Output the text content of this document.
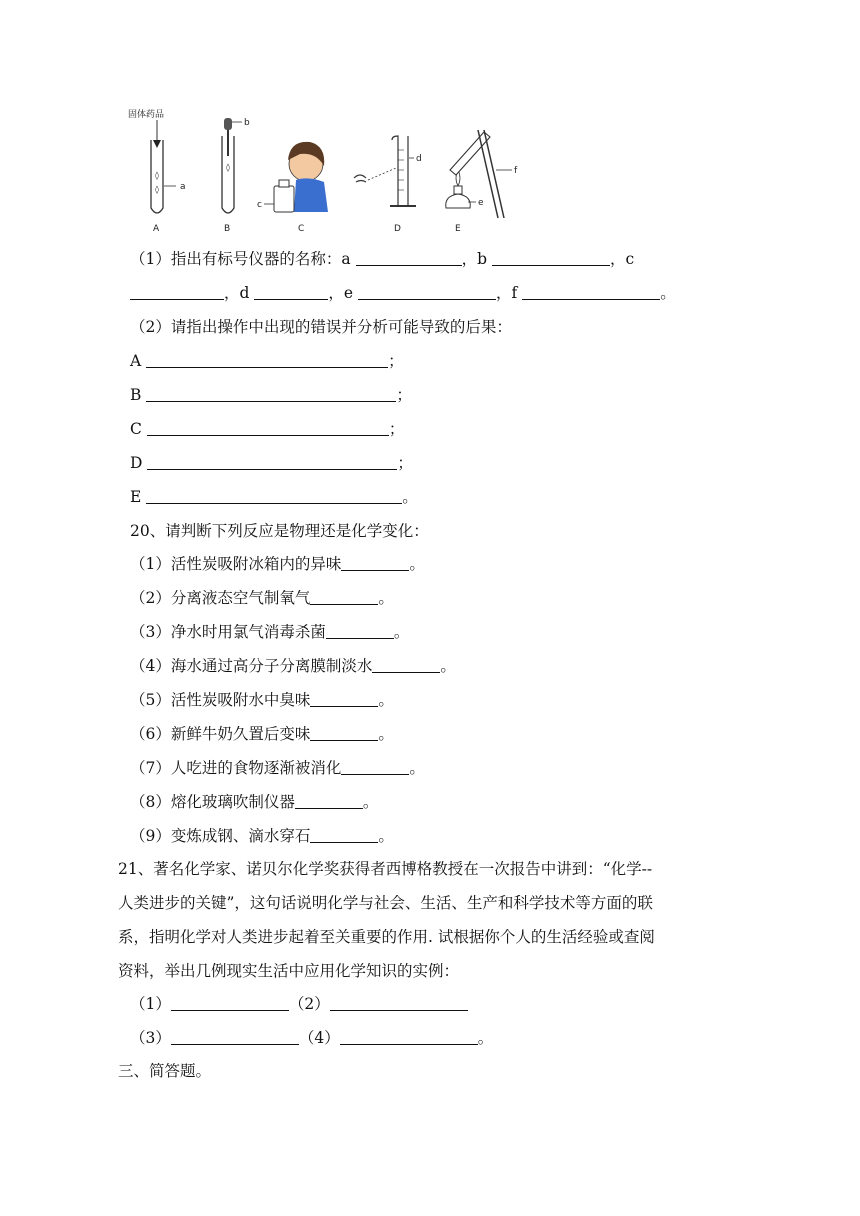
固体药品
◊
◊ a
A
b
◊
B
c
C
d
D
e
f
E
（1）指出有标号仪器的名称：a	，b	，c
，d	，e	，f	。
（2）请指出操作中出现的错误并分析可能导致的后果：
A	；
B	；
C	；
D	；
E	。
20、请判断下列反应是物理还是化学变化：
（1）活性炭吸附冰箱内的异味	。
（2）分离液态空气制氧气	。
（3）净水时用氯气消毒杀菌	。
（4）海水通过高分子分离膜制淡水	。
（5）活性炭吸附水中臭味	。
（6）新鲜牛奶久置后变味	。
（7）人吃进的食物逐渐被消化	。
（8）熔化玻璃吹制仪器	。
（9）变炼成钢、滴水穿石	。
21、著名化学家、诺贝尔化学奖获得者西博格教授在一次报告中讲到：“化学--
人类进步的关键”，这句话说明化学与社会、生活、生产和科学技术等方面的联
系，指明化学对人类进步起着至关重要的作用. 试根据你个人的生活经验或查阅
资料，举出几例现实生活中应用化学知识的实例：
（1）	（2）
（3）	（4）	。
三、简答题。
